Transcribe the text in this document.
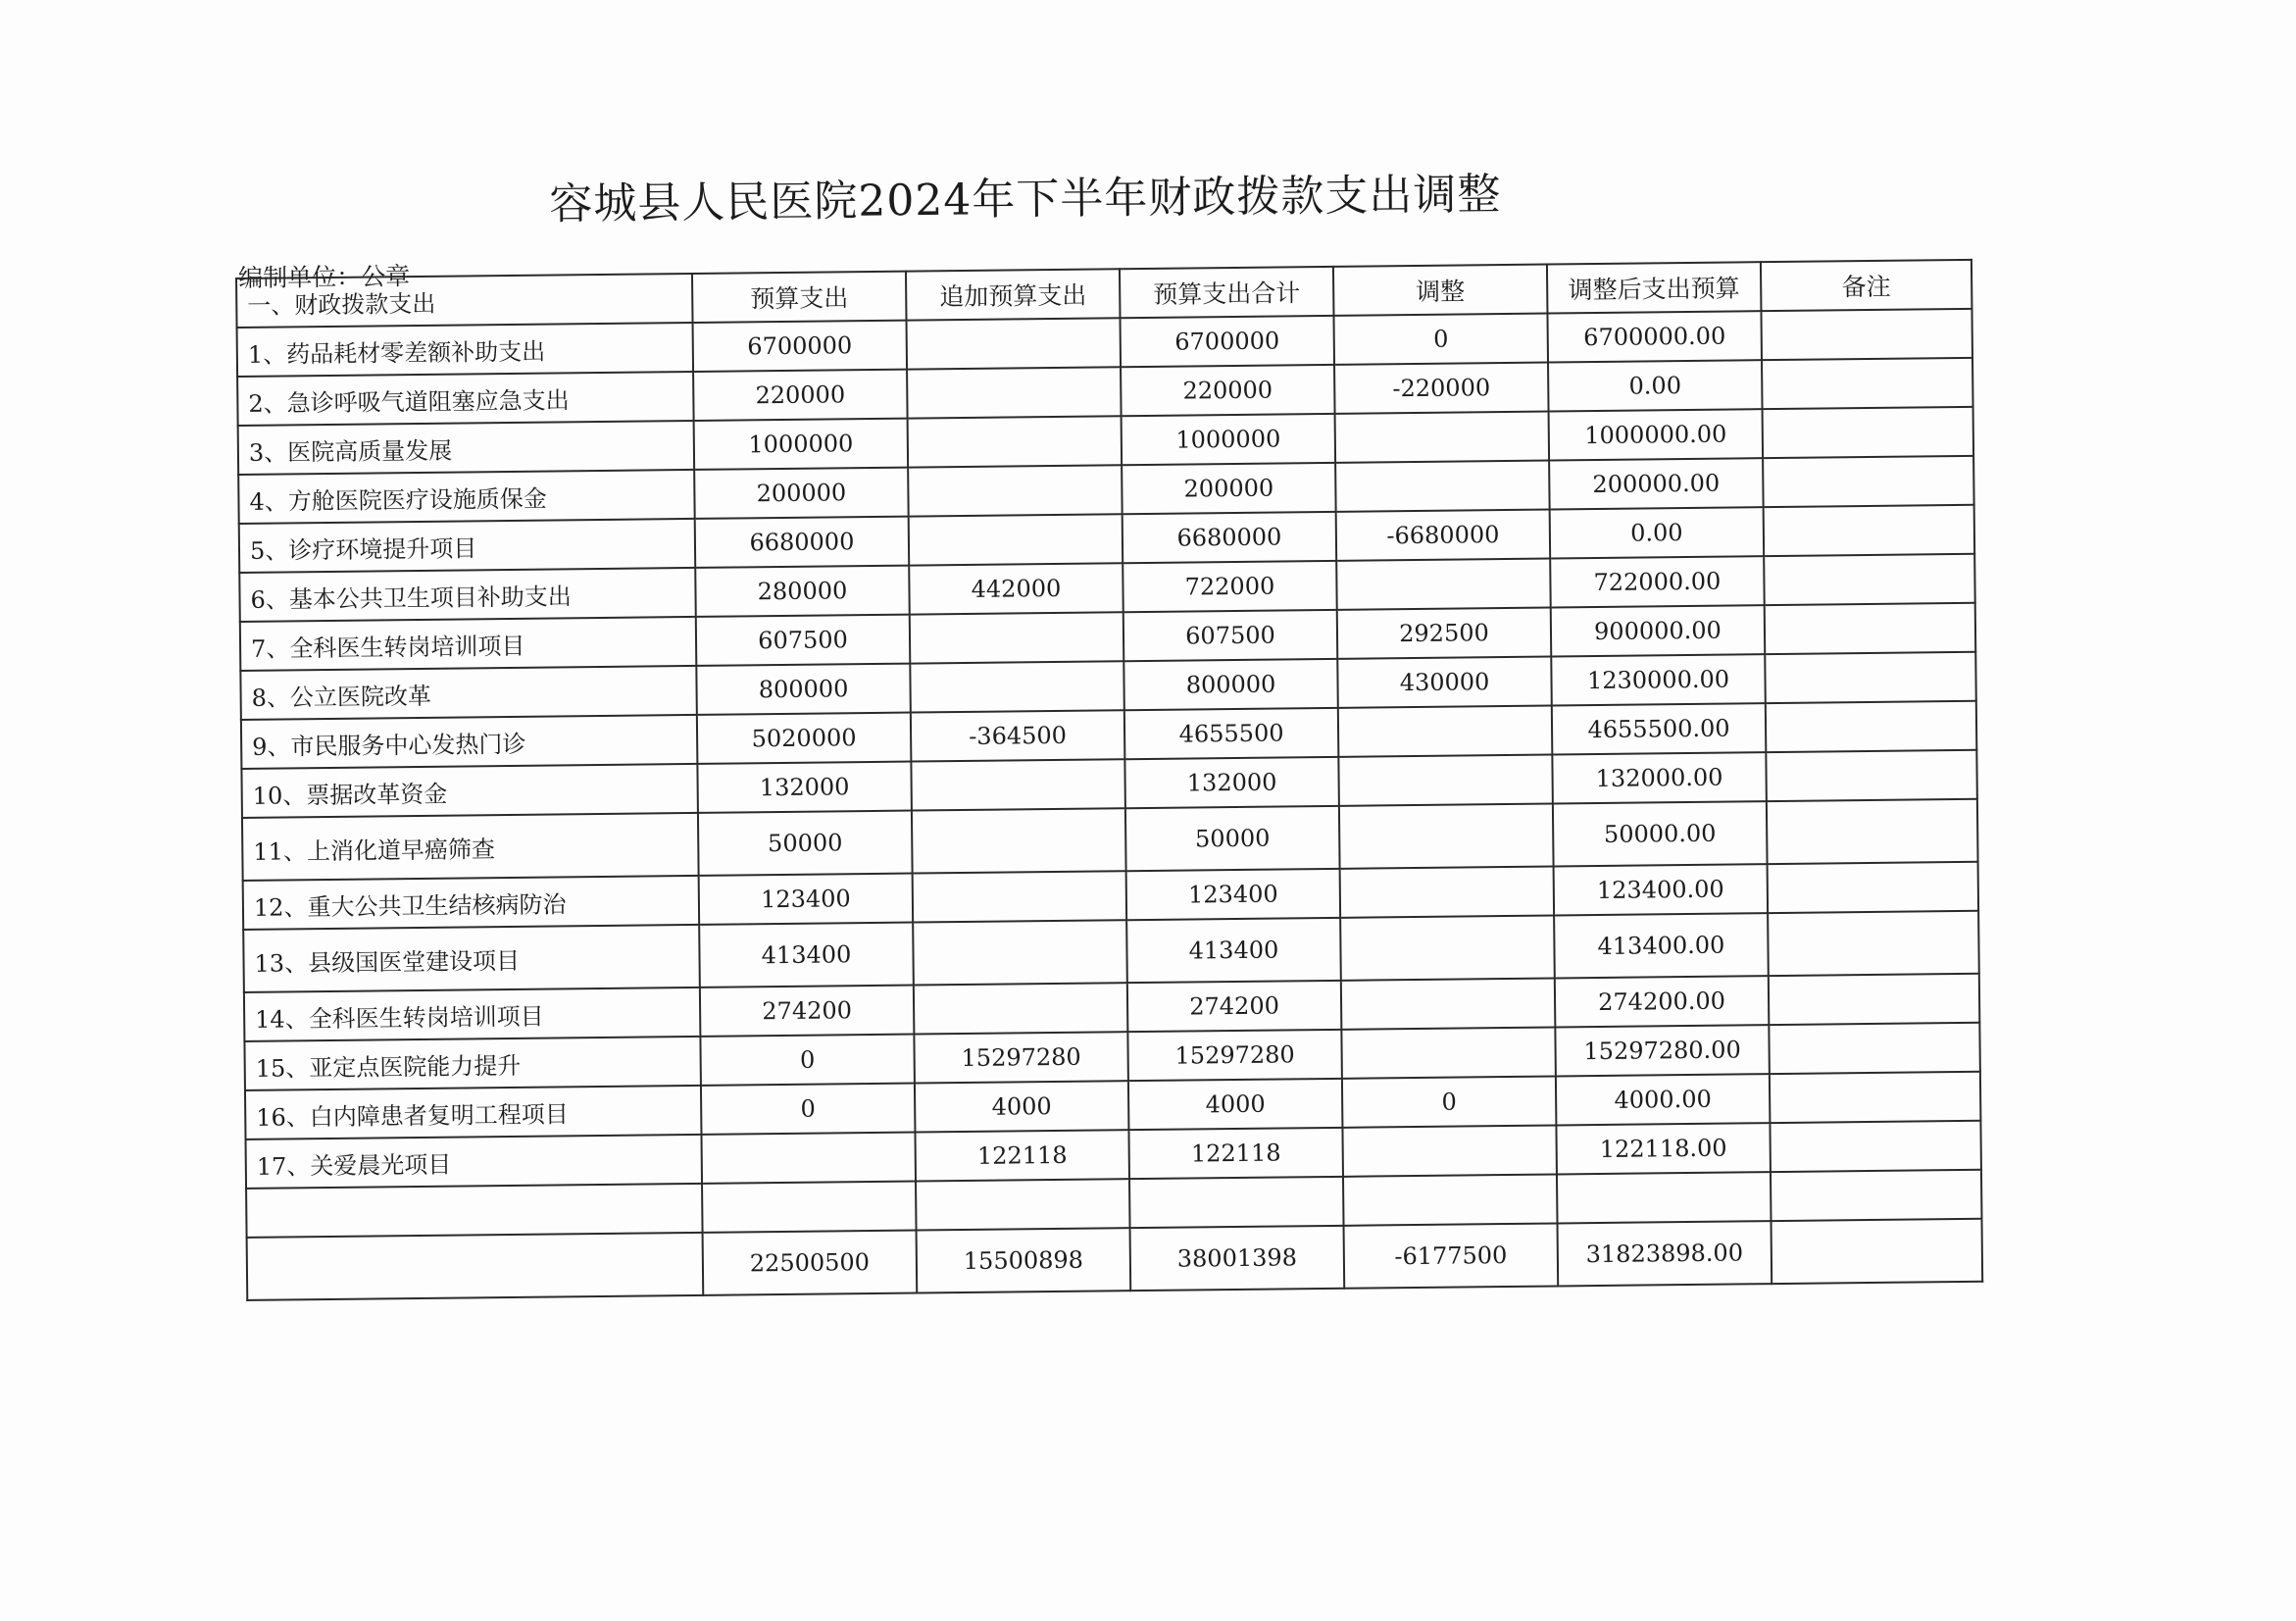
容城县人民医院2024年下半年财政拨款支出调整
编制单位：公章
一、财政拨款支出	预算支出	追加预算支出	预算支出合计	调整	调整后支出预算	备注
1、药品耗材零差额补助支出	6700000		6700000	0	6700000.00	
2、急诊呼吸气道阻塞应急支出	220000		220000	-220000	0.00	
3、医院高质量发展	1000000		1000000		1000000.00	
4、方舱医院医疗设施质保金	200000		200000		200000.00	
5、诊疗环境提升项目	6680000		6680000	-6680000	0.00	
6、基本公共卫生项目补助支出	280000	442000	722000		722000.00	
7、全科医生转岗培训项目	607500		607500	292500	900000.00	
8、公立医院改革	800000		800000	430000	1230000.00	
9、市民服务中心发热门诊	5020000	-364500	4655500		4655500.00	
10、票据改革资金	132000		132000		132000.00	
11、上消化道早癌筛查	50000		50000		50000.00	
12、重大公共卫生结核病防治	123400		123400		123400.00	
13、县级国医堂建设项目	413400		413400		413400.00	
14、全科医生转岗培训项目	274200		274200		274200.00	
15、亚定点医院能力提升	0	15297280	15297280		15297280.00	
16、白内障患者复明工程项目	0	4000	4000	0	4000.00	
17、关爱晨光项目		122118	122118		122118.00	

	22500500	15500898	38001398	-6177500	31823898.00	
